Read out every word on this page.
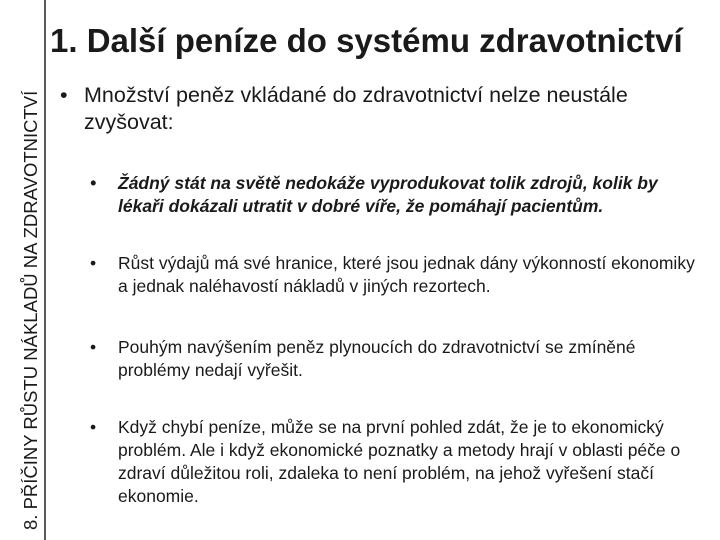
8. PŘÍČINY RŮSTU NÁKLADŮ NA ZDRAVOTNICTVÍ
1. Další peníze do systému zdravotnictví

• Množství peněz vkládané do zdravotnictví nelze neustále zvyšovat:

• Žádný stát na světě nedokáže vyprodukovat tolik zdrojů, kolik by lékaři dokázali utratit v dobré víře, že pomáhají pacientům.
• Růst výdajů má své hranice, které jsou jednak dány výkonností ekonomiky a jednak naléhavostí nákladů v jiných rezortech.
• Pouhým navýšením peněz plynoucích do zdravotnictví se zmíněné problémy nedají vyřešit.
• Když chybí peníze, může se na první pohled zdát, že je to ekonomický problém. Ale i když ekonomické poznatky a metody hrají v oblasti péče o zdraví důležitou roli, zdaleka to není problém, na jehož vyřešení stačí ekonomie.
